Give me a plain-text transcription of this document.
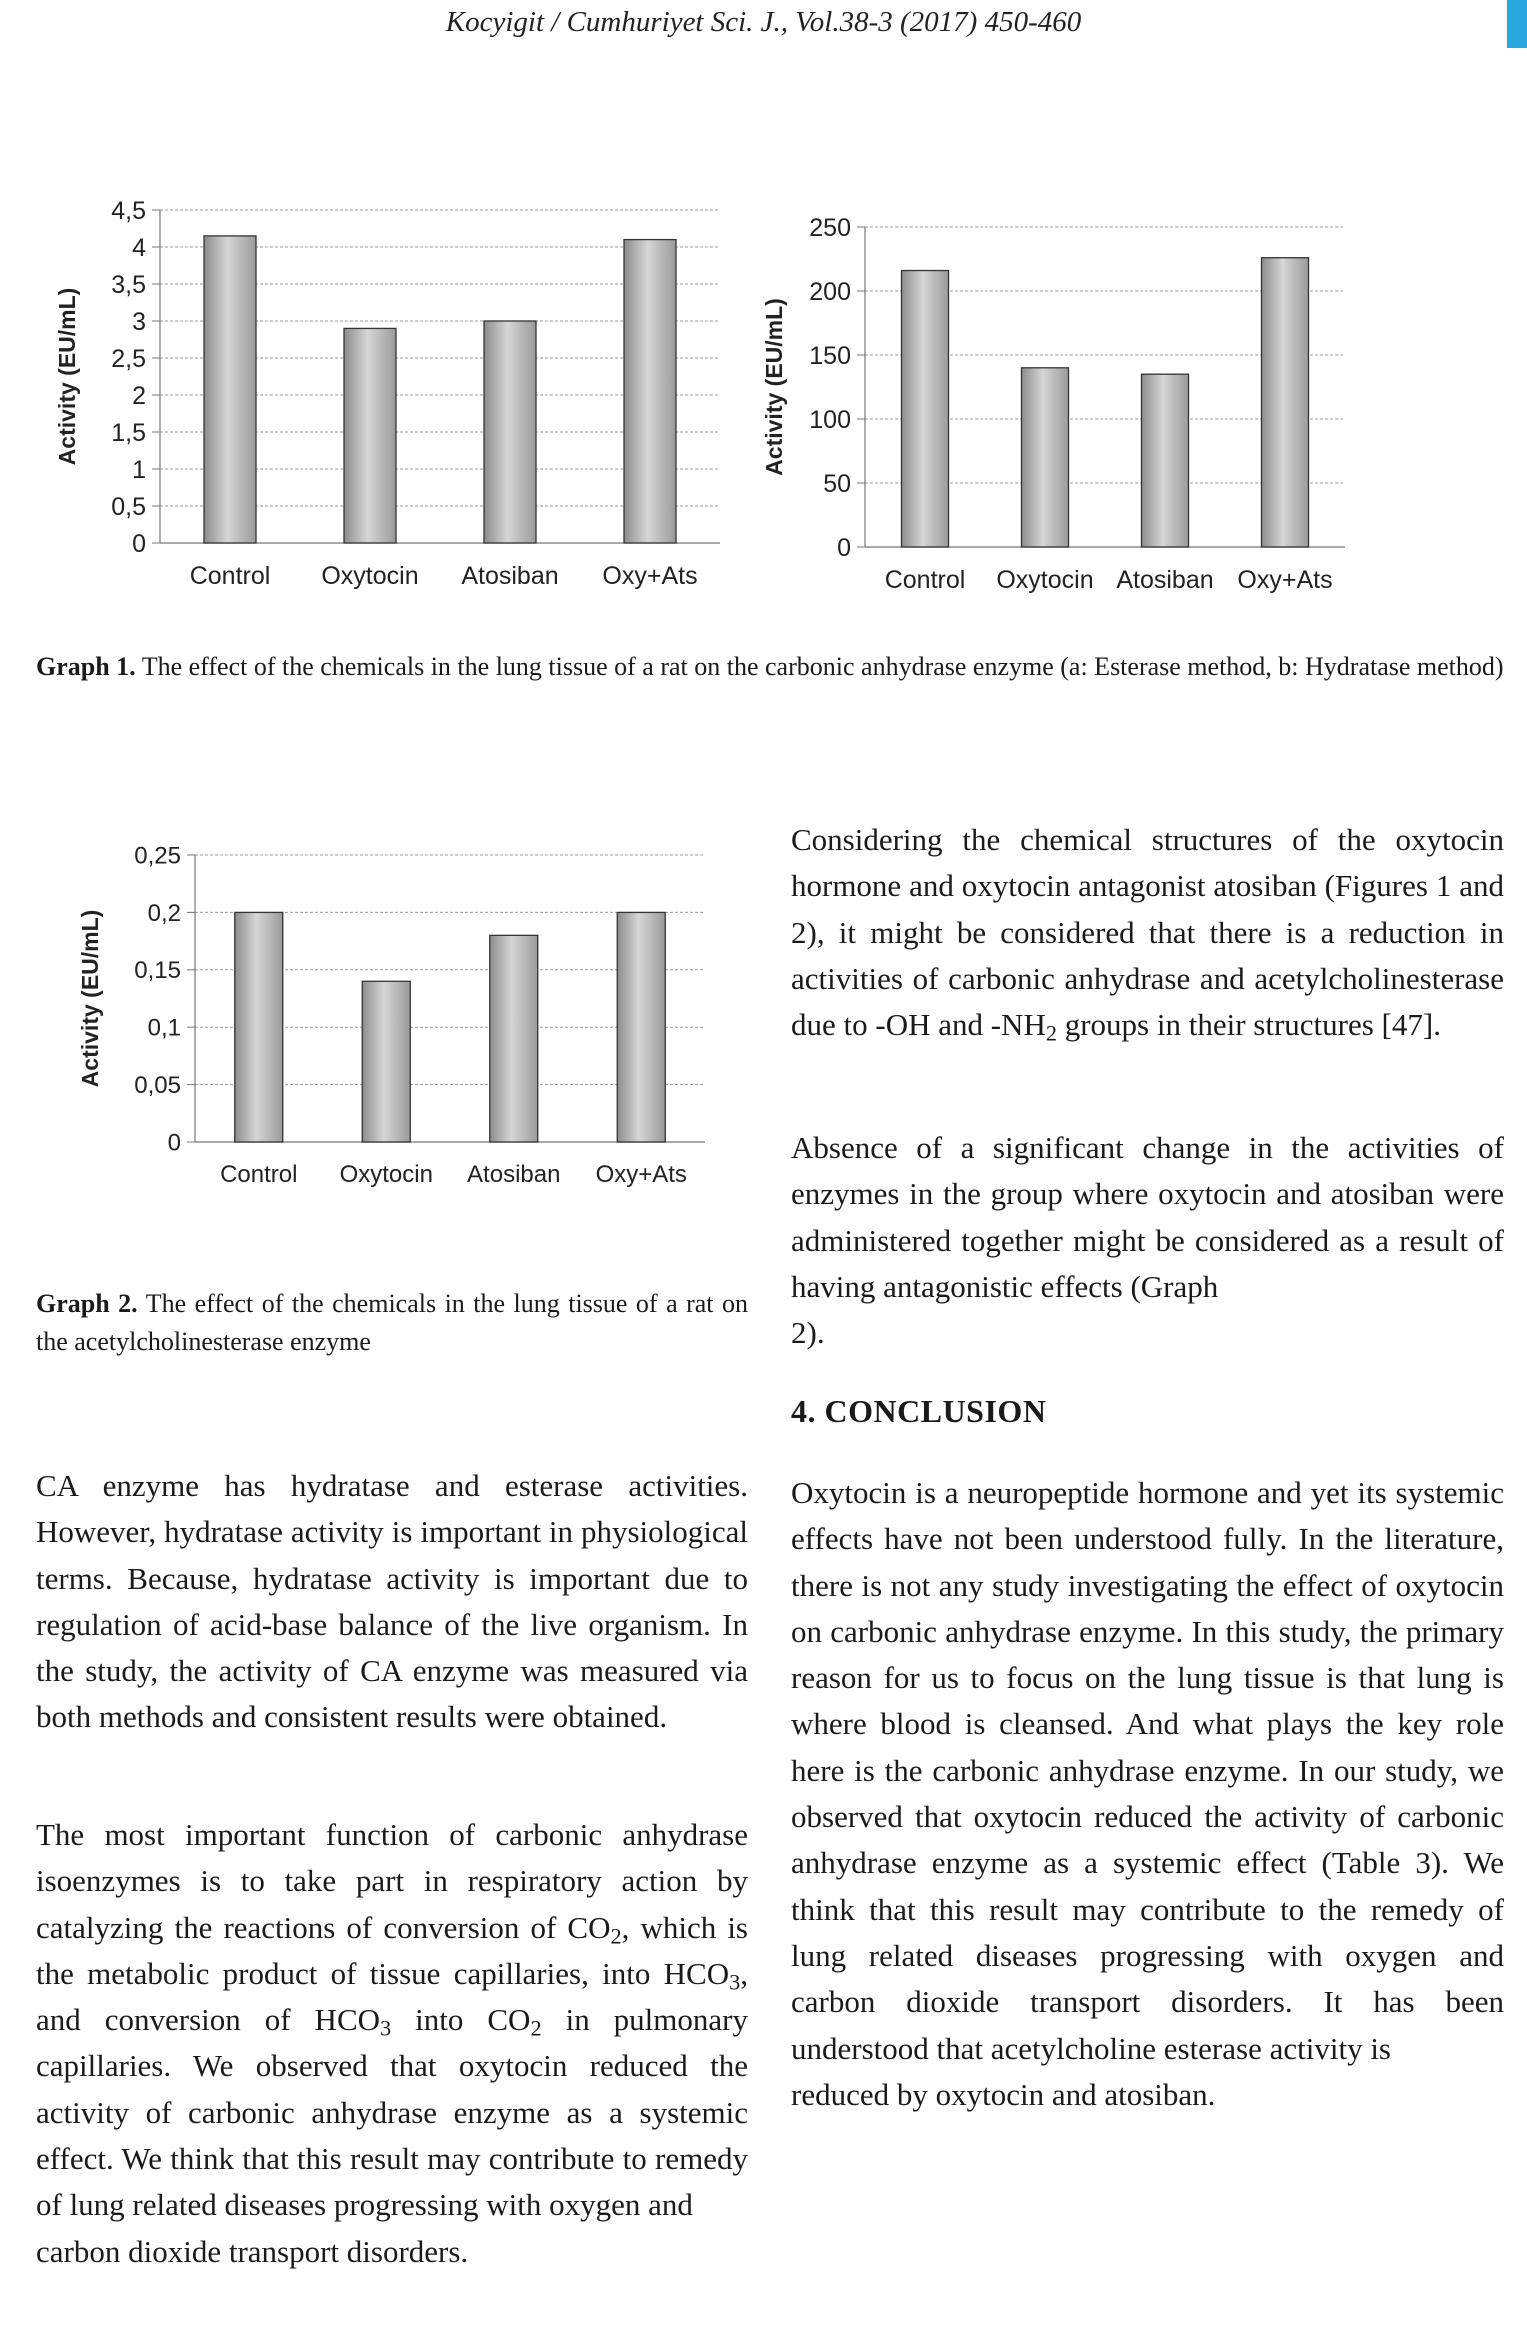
Kocyigit / Cumhuriyet Sci. J., Vol.38-3 (2017) 450-460
0
0,5
1
1,5
2
2,5
3
3,5
4
4,5
Control Oxytocin Atosiban Oxy+Ats
Activity (EU/mL)
0
50
100
150
200
250
Control Oxytocin Atosiban Oxy+Ats
Activity (EU/mL)
0
0,05
0,1
0,15
0,2
0,25
Control Oxytocin Atosiban Oxy+Ats
Activity (EU/mL)
Graph 1. The effect of the chemicals in the lung tissue of a rat on the carbonic anhydrase enzyme (a: Esterase method, b: Hydratase method)
Graph 2. The effect of the chemicals in the lung tissue of a rat on the acetylcholinesterase enzyme
CA enzyme has hydratase and esterase activities. However, hydratase activity is important in physiological terms. Because, hydratase activity is important due to regulation of acid-base balance of the live organism. In the study, the activity of CA enzyme was measured via both methods and consistent results were obtained.
The most important function of carbonic anhydrase isoenzymes is to take part in respiratory action by catalyzing the reactions of conversion of $CO_2$, which is the metabolic product of tissue capillaries, into $HCO_3$, and conversion of $HCO_3$ into $CO_2$ in pulmonary capillaries. We observed that oxytocin reduced the activity of carbonic anhydrase enzyme as a systemic effect. We think that this result may contribute to remedy of lung related diseases progressing with oxygen and
carbon dioxide transport disorders.
Considering the chemical structures of the oxytocin hormone and oxytocin antagonist atosiban (Figures 1 and 2), it might be considered that there is a reduction in activities of carbonic anhydrase and acetylcholinesterase due to -OH and $-NH_2$ groups in their structures [47].
Absence of a significant change in the activities of enzymes in the group where oxytocin and atosiban were administered together might be considered as a result of having antagonistic effects (Graph
2).
4. CONCLUSION
Oxytocin is a neuropeptide hormone and yet its systemic effects have not been understood fully. In the literature, there is not any study investigating the effect of oxytocin on carbonic anhydrase enzyme. In this study, the primary reason for us to focus on the lung tissue is that lung is where blood is cleansed. And what plays the key role here is the carbonic anhydrase enzyme. In our study, we observed that oxytocin reduced the activity of carbonic anhydrase enzyme as a systemic effect (Table 3). We think that this result may contribute to the remedy of lung related diseases progressing with oxygen and carbon dioxide transport disorders. It has been understood that acetylcholine esterase activity is
reduced by oxytocin and atosiban.
